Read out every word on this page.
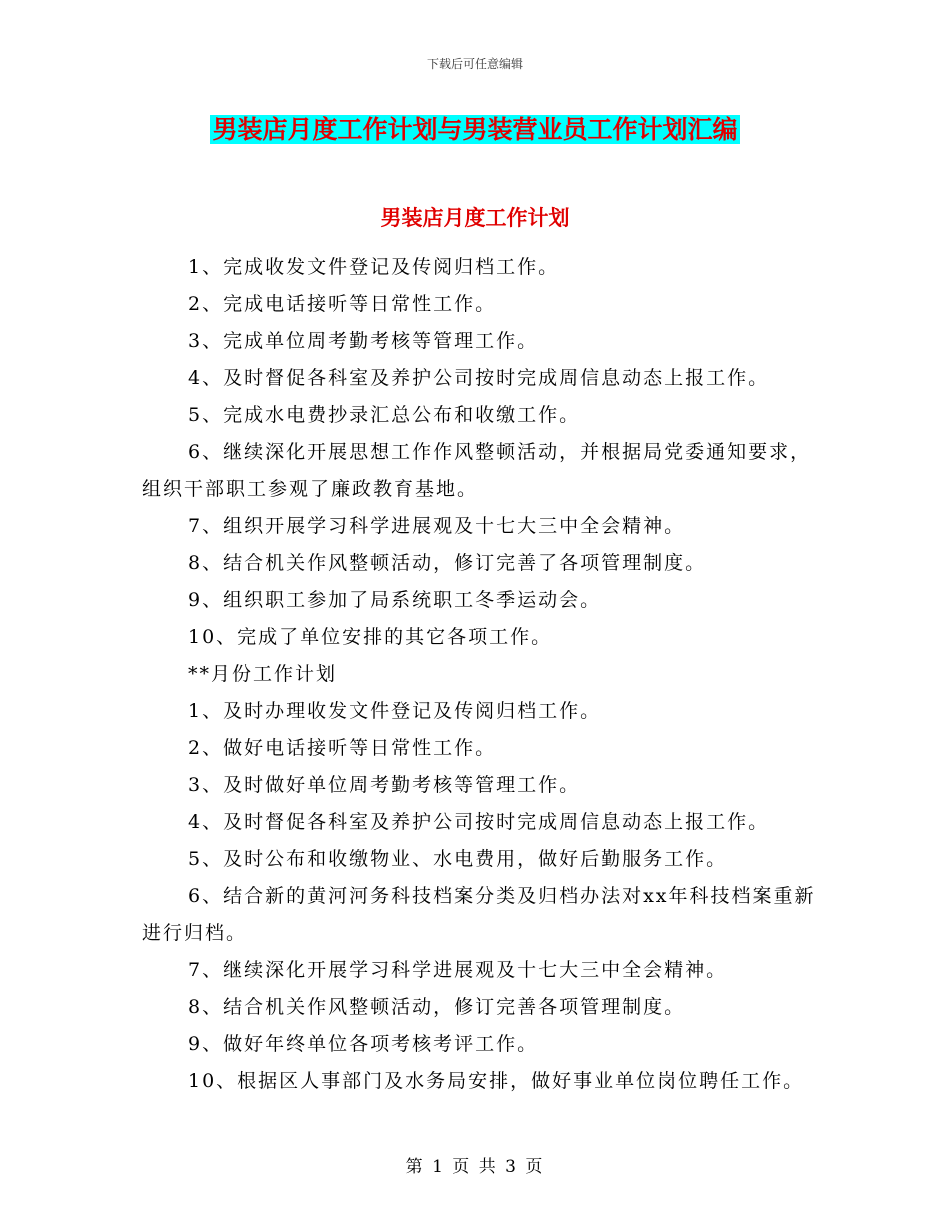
下载后可任意编辑
男装店月度工作计划与男装营业员工作计划汇编
男装店月度工作计划

1、完成收发文件登记及传阅归档工作。

2、完成电话接听等日常性工作。

3、完成单位周考勤考核等管理工作。

4、及时督促各科室及养护公司按时完成周信息动态上报工作。

5、完成水电费抄录汇总公布和收缴工作。

6、继续深化开展思想工作作风整顿活动，并根据局党委通知要求，组织干部职工参观了廉政教育基地。

7、组织开展学习科学进展观及十七大三中全会精神。

8、结合机关作风整顿活动，修订完善了各项管理制度。

9、组织职工参加了局系统职工冬季运动会。

10、完成了单位安排的其它各项工作。

**月份工作计划

1、及时办理收发文件登记及传阅归档工作。

2、做好电话接听等日常性工作。

3、及时做好单位周考勤考核等管理工作。

4、及时督促各科室及养护公司按时完成周信息动态上报工作。

5、及时公布和收缴物业、水电费用，做好后勤服务工作。

6、结合新的黄河河务科技档案分类及归档办法对xx年科技档案重新进行归档。

7、继续深化开展学习科学进展观及十七大三中全会精神。

8、结合机关作风整顿活动，修订完善各项管理制度。

9、做好年终单位各项考核考评工作。

10、根据区人事部门及水务局安排，做好事业单位岗位聘任工作。

第 1 页 共 3 页
